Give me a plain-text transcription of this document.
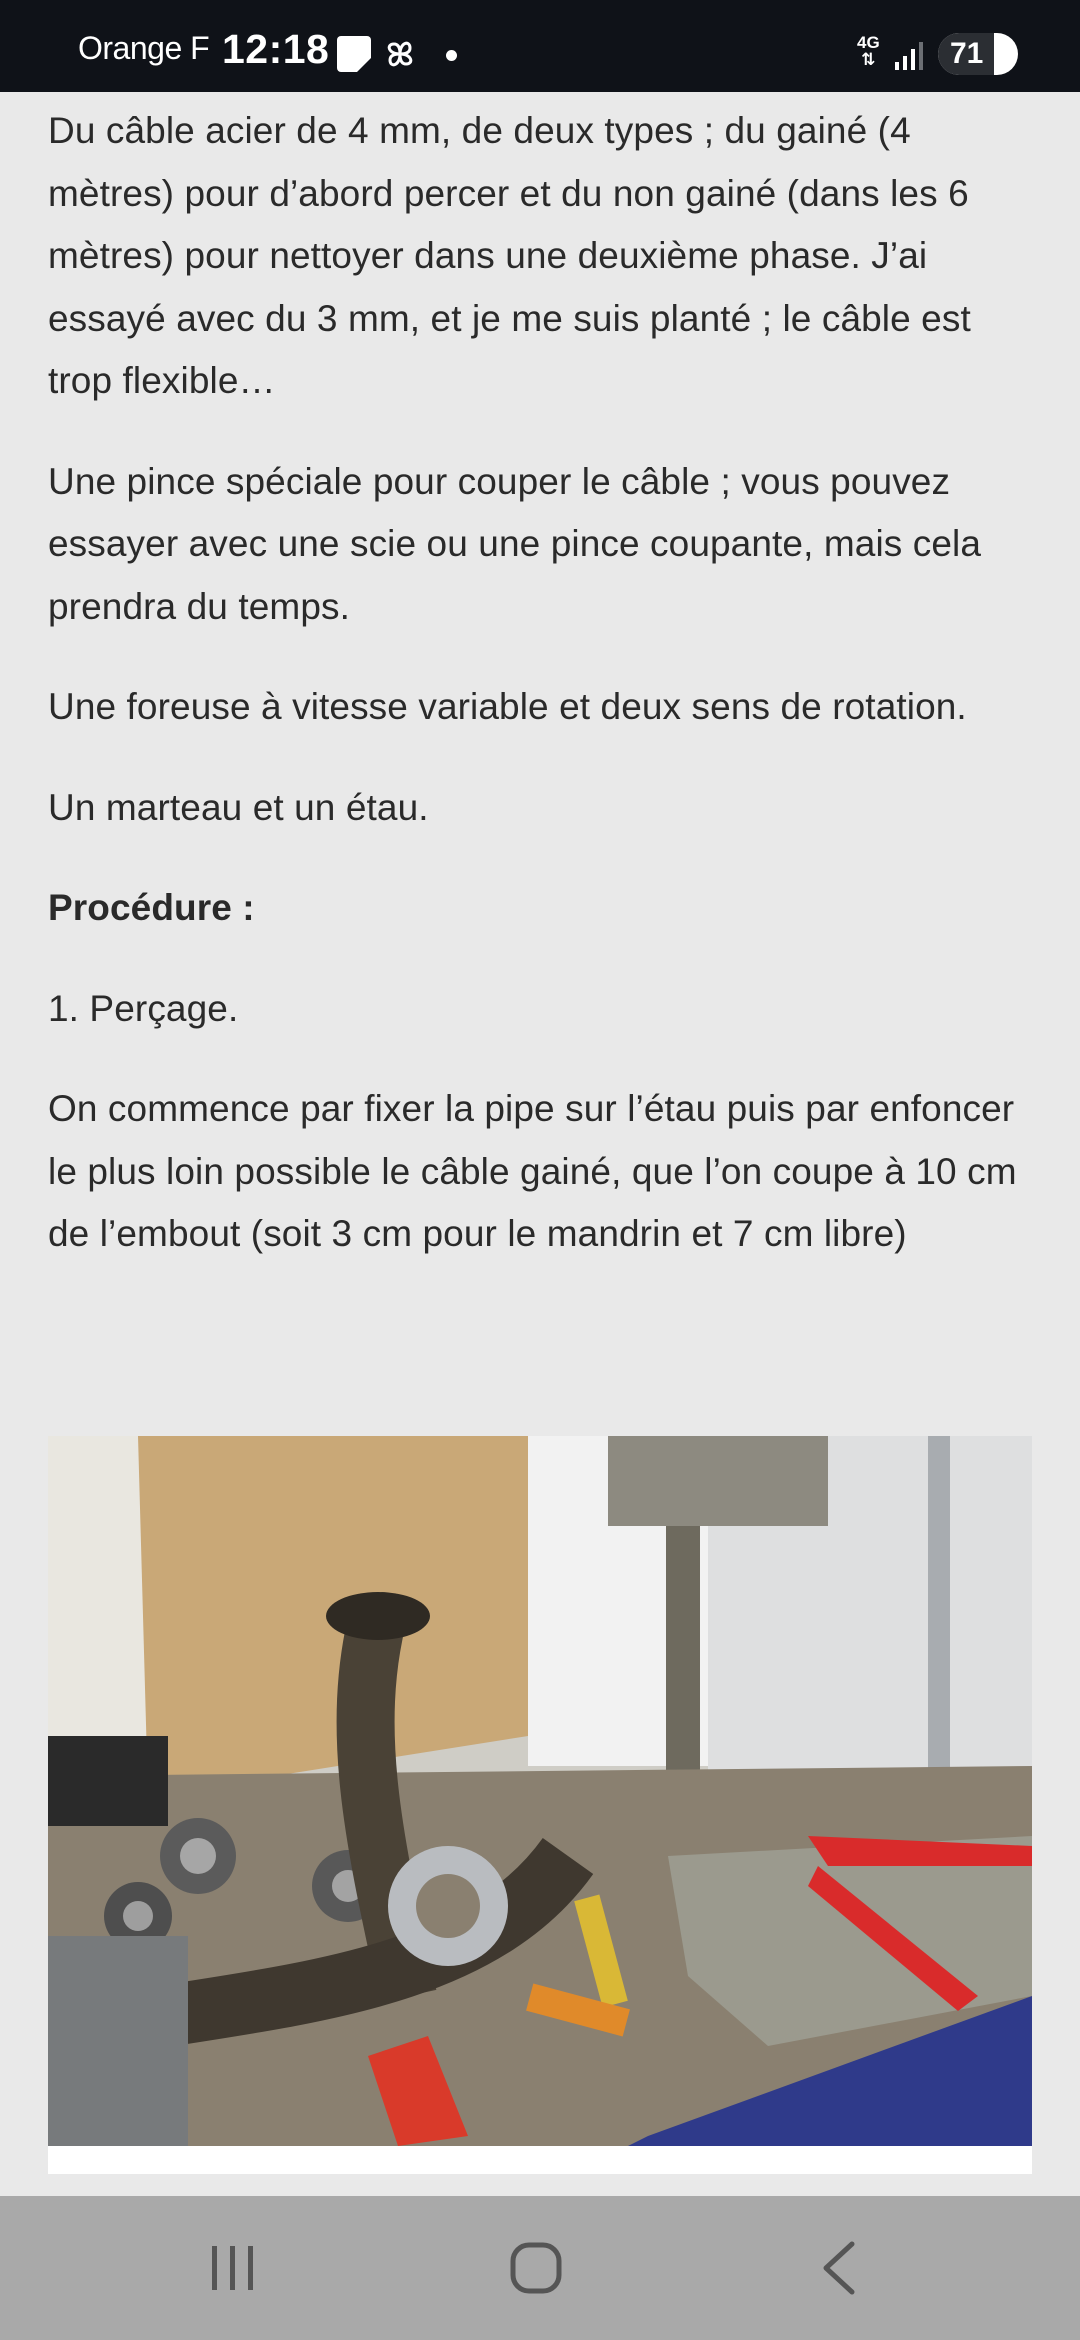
Orange F 12:18	4G
⇅ 71

Du câble acier de 4 mm, de deux types ; du gainé (4 mètres) pour d’abord percer et du non gainé (dans les 6 mètres) pour nettoyer dans une deuxième phase. J’ai essayé avec du 3 mm, et je me suis planté ; le câble est trop flexible…

Une pince spéciale pour couper le câble ; vous pouvez essayer avec une scie ou une pince coupante, mais cela prendra du temps.

Une foreuse à vitesse variable et deux sens de rotation.

Un marteau et un étau.

Procédure :

1. Perçage.

On commence par fixer la pipe sur l’étau puis par enfoncer le plus loin possible le câble gainé, que l’on coupe à 10 cm de l’embout (soit 3 cm pour le mandrin et 7 cm libre)
